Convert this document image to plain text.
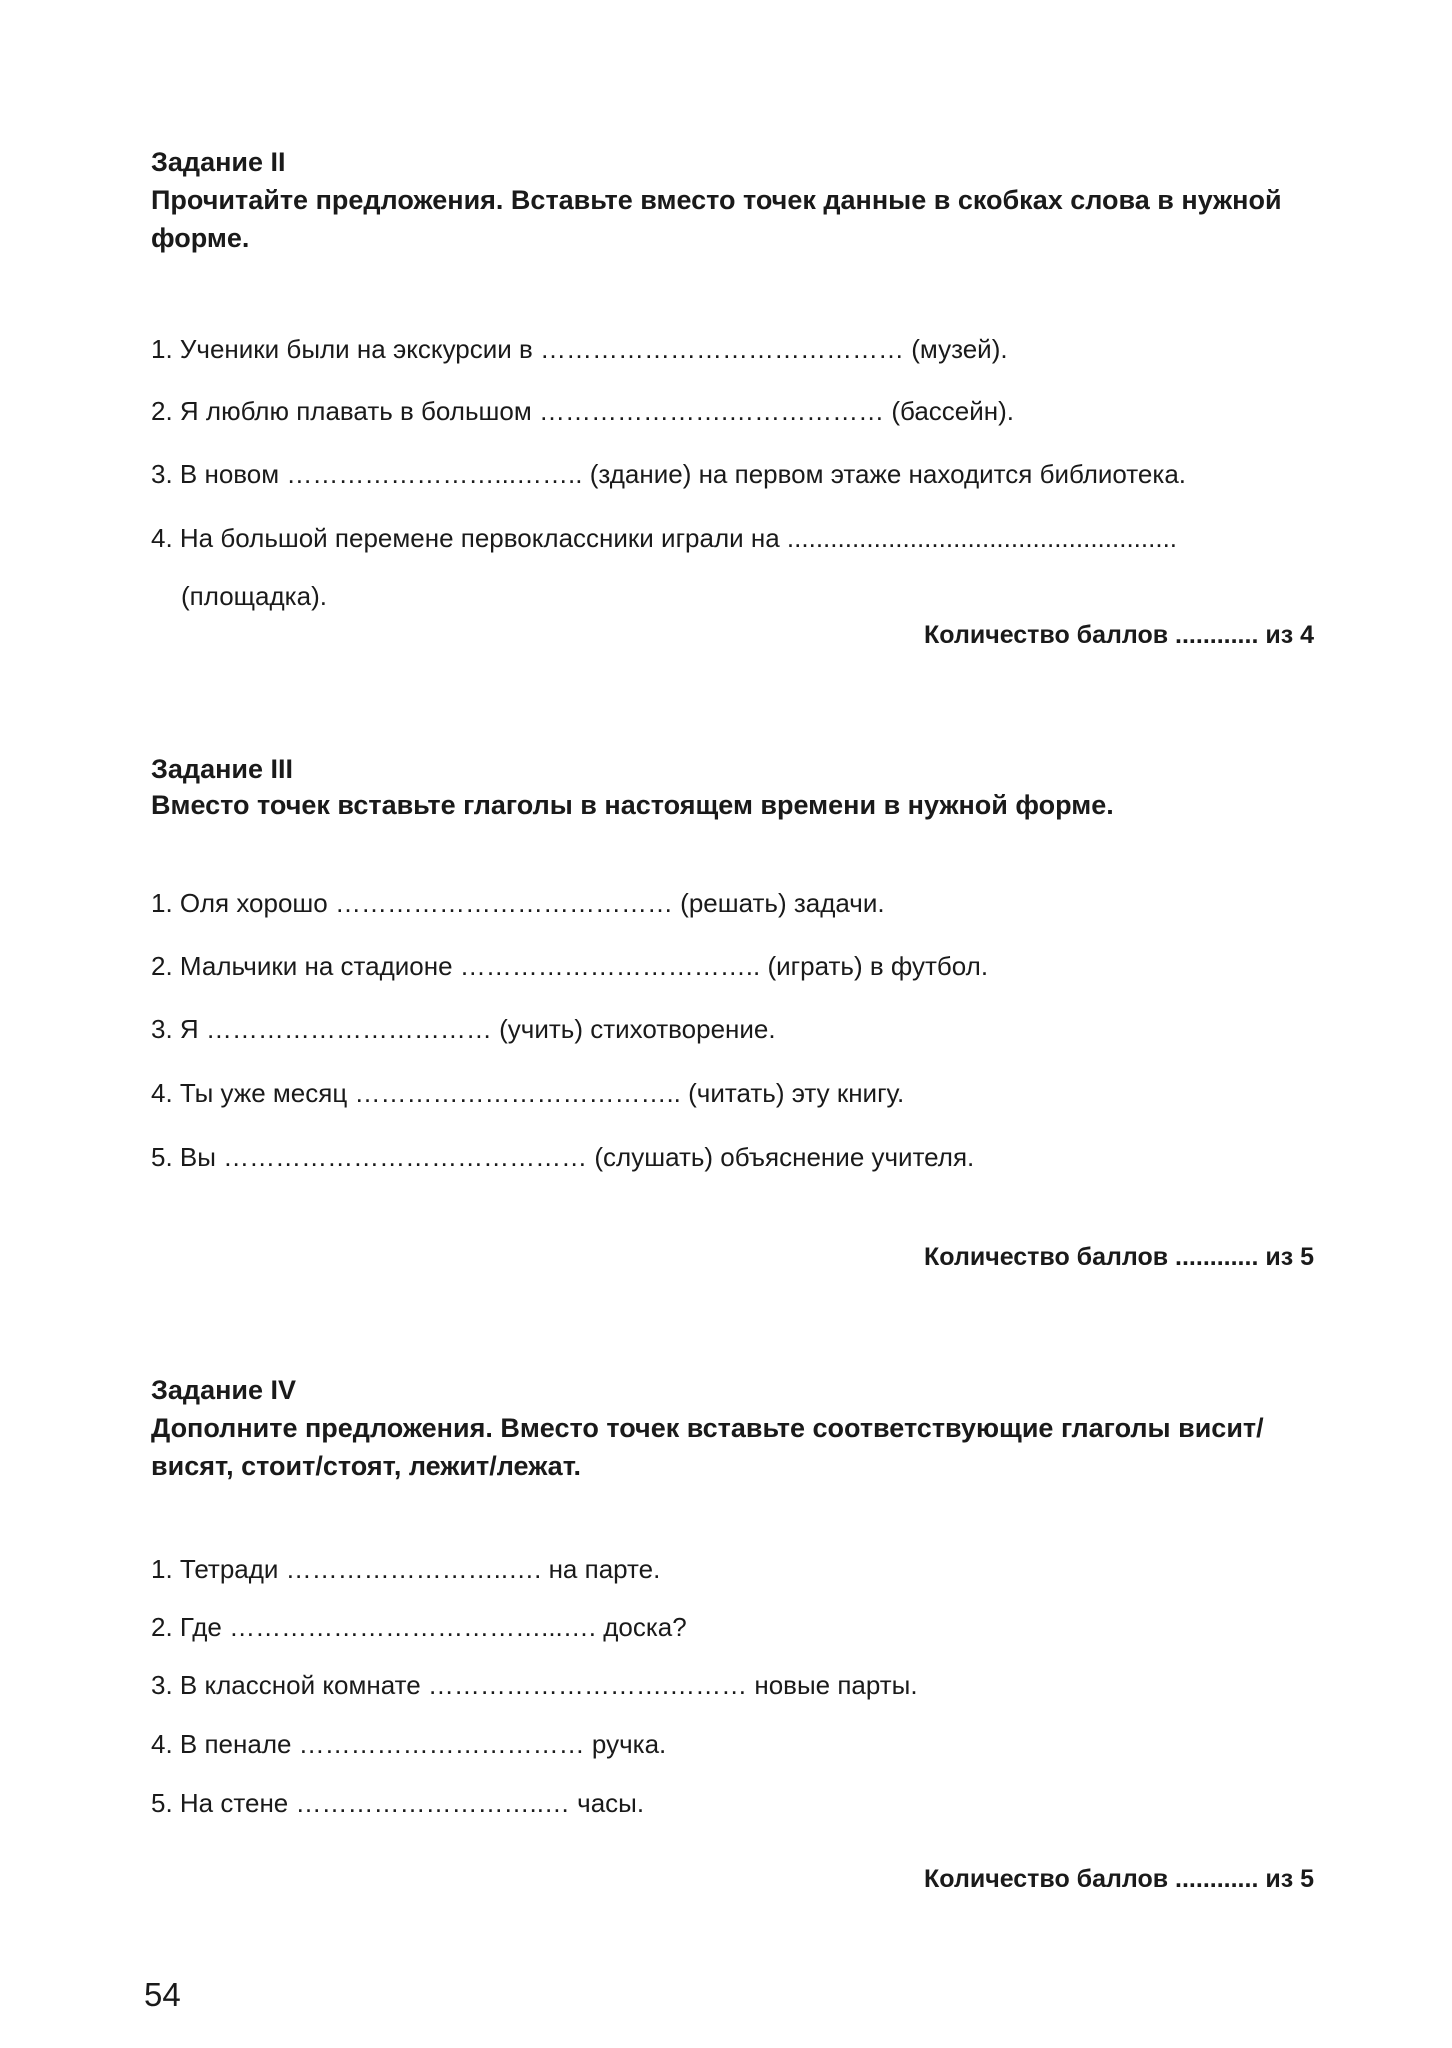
Задание II
Прочитайте предложения. Вставьте вместо точек данные в скобках слова в нужной форме.
1. Ученики были на экскурсии в …………………………………… (музей).
2. Я люблю плавать в большом ………………….……………… (бассейн).
3. В новом ……………………...…….. (здание) на первом этаже находится библиотека.
4. На большой перемене первоклассники играли на ......................................................
(площадка).
Количество баллов ............ из 4
Задание III
Вместо точек вставьте глаголы в настоящем времени в нужной форме.
1. Оля хорошо ………………………………… (решать) задачи.
2. Мальчики на стадионе …………………………….. (играть) в футбол.
3. Я …………………………… (учить) стихотворение.
4. Ты уже месяц ……………………………….. (читать) эту книгу.
5. Вы …………………………………… (слушать) объяснение учителя.
Количество баллов ............ из 5
Задание IV
Дополните предложения. Вместо точек вставьте соответствующие глаголы висит/висят, стоит/стоят, лежит/лежат.
1. Тетради ……………………..…. на парте.
2. Где ………………………………...…. доска?
3. В классной комнате ……………………….……… новые парты.
4. В пенале …………………………… ручка.
5. На стене ………………………..… часы.
Количество баллов ............ из 5
54
